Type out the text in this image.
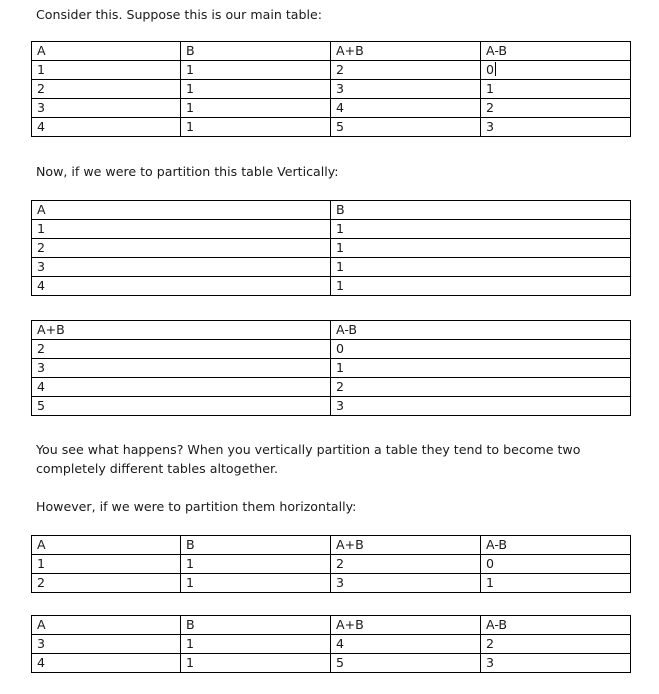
Consider this. Suppose this is our main table:
A	B	A+B	A-B
1	1	2	0
2	1	3	1
3	1	4	2
4	1	5	3
Now, if we were to partition this table Vertically:
A	B
1	1
2	1
3	1
4	1
A+B	A-B
2	0
3	1
4	2
5	3
You see what happens? When you vertically partition a table they tend to become two
completely different tables altogether.
However, if we were to partition them horizontally:
A	B	A+B	A-B
1	1	2	0
2	1	3	1
A	B	A+B	A-B
3	1	4	2
4	1	5	3
